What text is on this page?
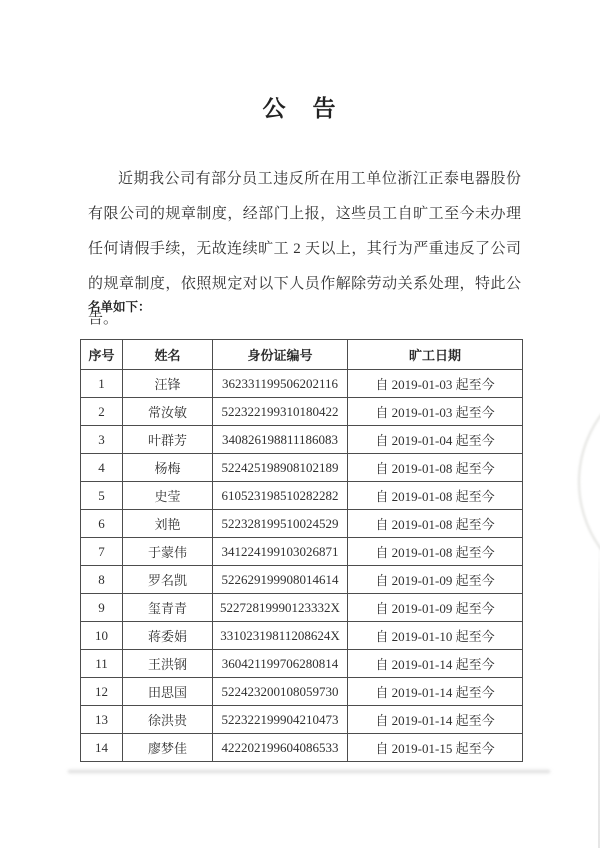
公　告
近期我公司有部分员工违反所在用工单位浙江正泰电器股份有限公司的规章制度，经部门上报，这些员工自旷工至今未办理任何请假手续，无故连续旷工 2 天以上，其行为严重违反了公司的规章制度，依照规定对以下人员作解除劳动关系处理，特此公告。
名单如下：
序号	姓名	身份证编号	旷工日期
1	汪锋	362331199506202116	自 2019-01-03 起至今
2	常汝敏	522322199310180422	自 2019-01-03 起至今
3	叶群芳	340826198811186083	自 2019-01-04 起至今
4	杨梅	522425198908102189	自 2019-01-08 起至今
5	史莹	610523198510282282	自 2019-01-08 起至今
6	刘艳	522328199510024529	自 2019-01-08 起至今
7	于蒙伟	341224199103026871	自 2019-01-08 起至今
8	罗名凯	522629199908014614	自 2019-01-09 起至今
9	玺青青	52272819990123332X	自 2019-01-09 起至今
10	蒋委娟	33102319811208624X	自 2019-01-10 起至今
11	王洪钢	360421199706280814	自 2019-01-14 起至今
12	田思国	522423200108059730	自 2019-01-14 起至今
13	徐洪贵	522322199904210473	自 2019-01-14 起至今
14	廖梦佳	422202199604086533	自 2019-01-15 起至今
